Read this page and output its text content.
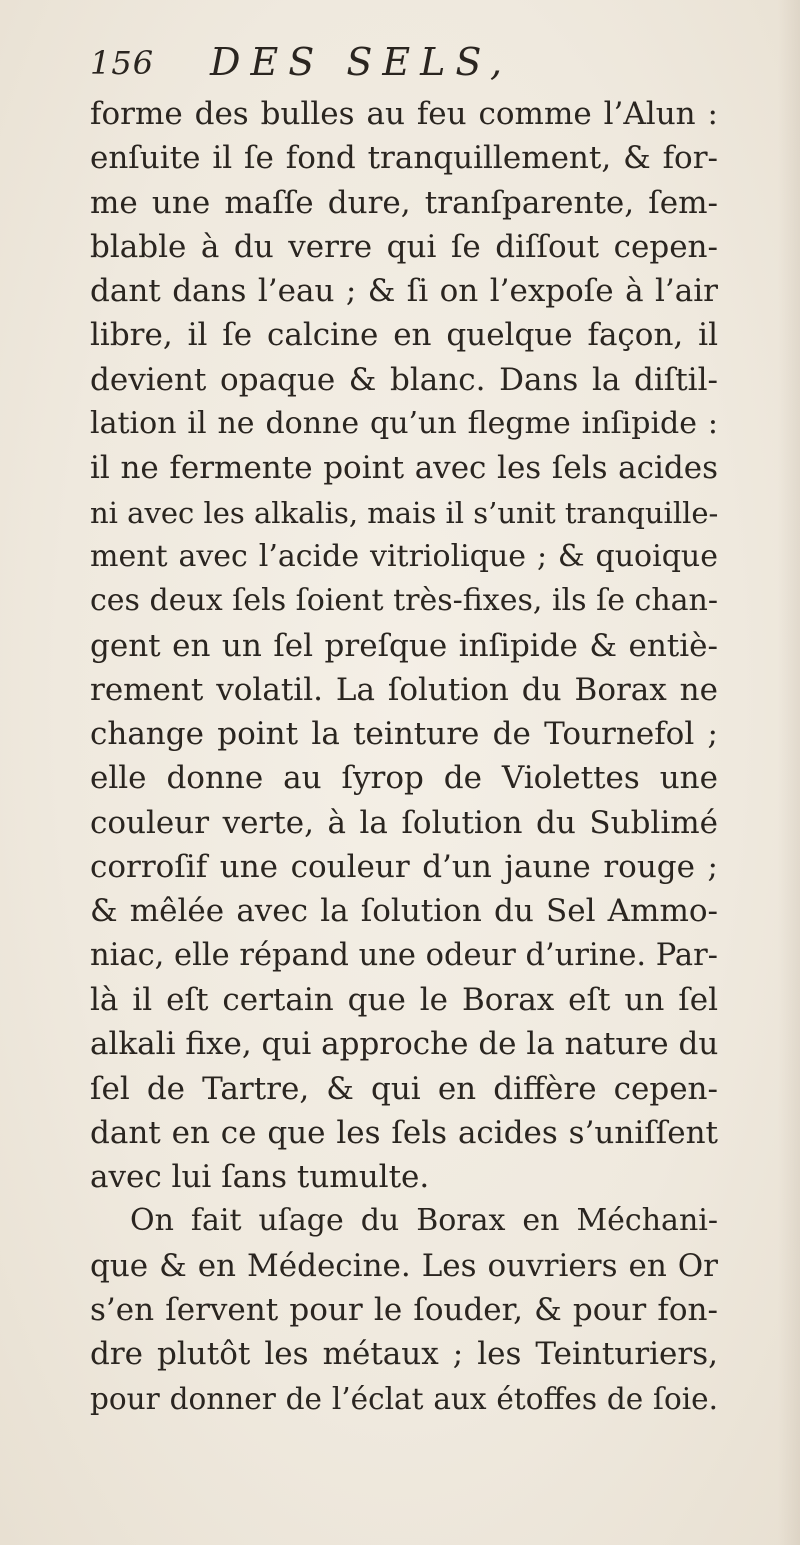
156 DES SELS,
forme des bulles au feu comme l’Alun :
enſuite il ſe fond tranquillement, & for-
me une maſſe dure, tranſparente, ſem-
blable à du verre qui ſe diſſout cepen-
dant dans l’eau ; & ſi on l’expoſe à l’air
libre, il ſe calcine en quelque façon, il
devient opaque & blanc. Dans la diſtil-
lation il ne donne qu’un flegme inſipide :
il ne fermente point avec les ſels acides
ni avec les alkalis, mais il s’unit tranquille-
ment avec l’acide vitriolique ; & quoique
ces deux ſels ſoient très-fixes, ils ſe chan-
gent en un ſel preſque inſipide & entiè-
rement volatil. La ſolution du Borax ne
change point la teinture de Tournefol ;
elle donne au ſyrop de Violettes une
couleur verte, à la ſolution du Sublimé
corroſif une couleur d’un jaune rouge ;
& mêlée avec la ſolution du Sel Ammo-
niac, elle répand une odeur d’urine. Par-
là il eſt certain que le Borax eſt un ſel
alkali fixe, qui approche de la nature du
ſel de Tartre, & qui en diffère cepen-
dant en ce que les ſels acides s’uniſſent
avec lui ſans tumulte.
On fait uſage du Borax en Méchani-
que & en Médecine. Les ouvriers en Or
s’en ſervent pour le ſouder, & pour fon-
dre plutôt les métaux ; les Teinturiers,
pour donner de l’éclat aux étoffes de ſoie.
